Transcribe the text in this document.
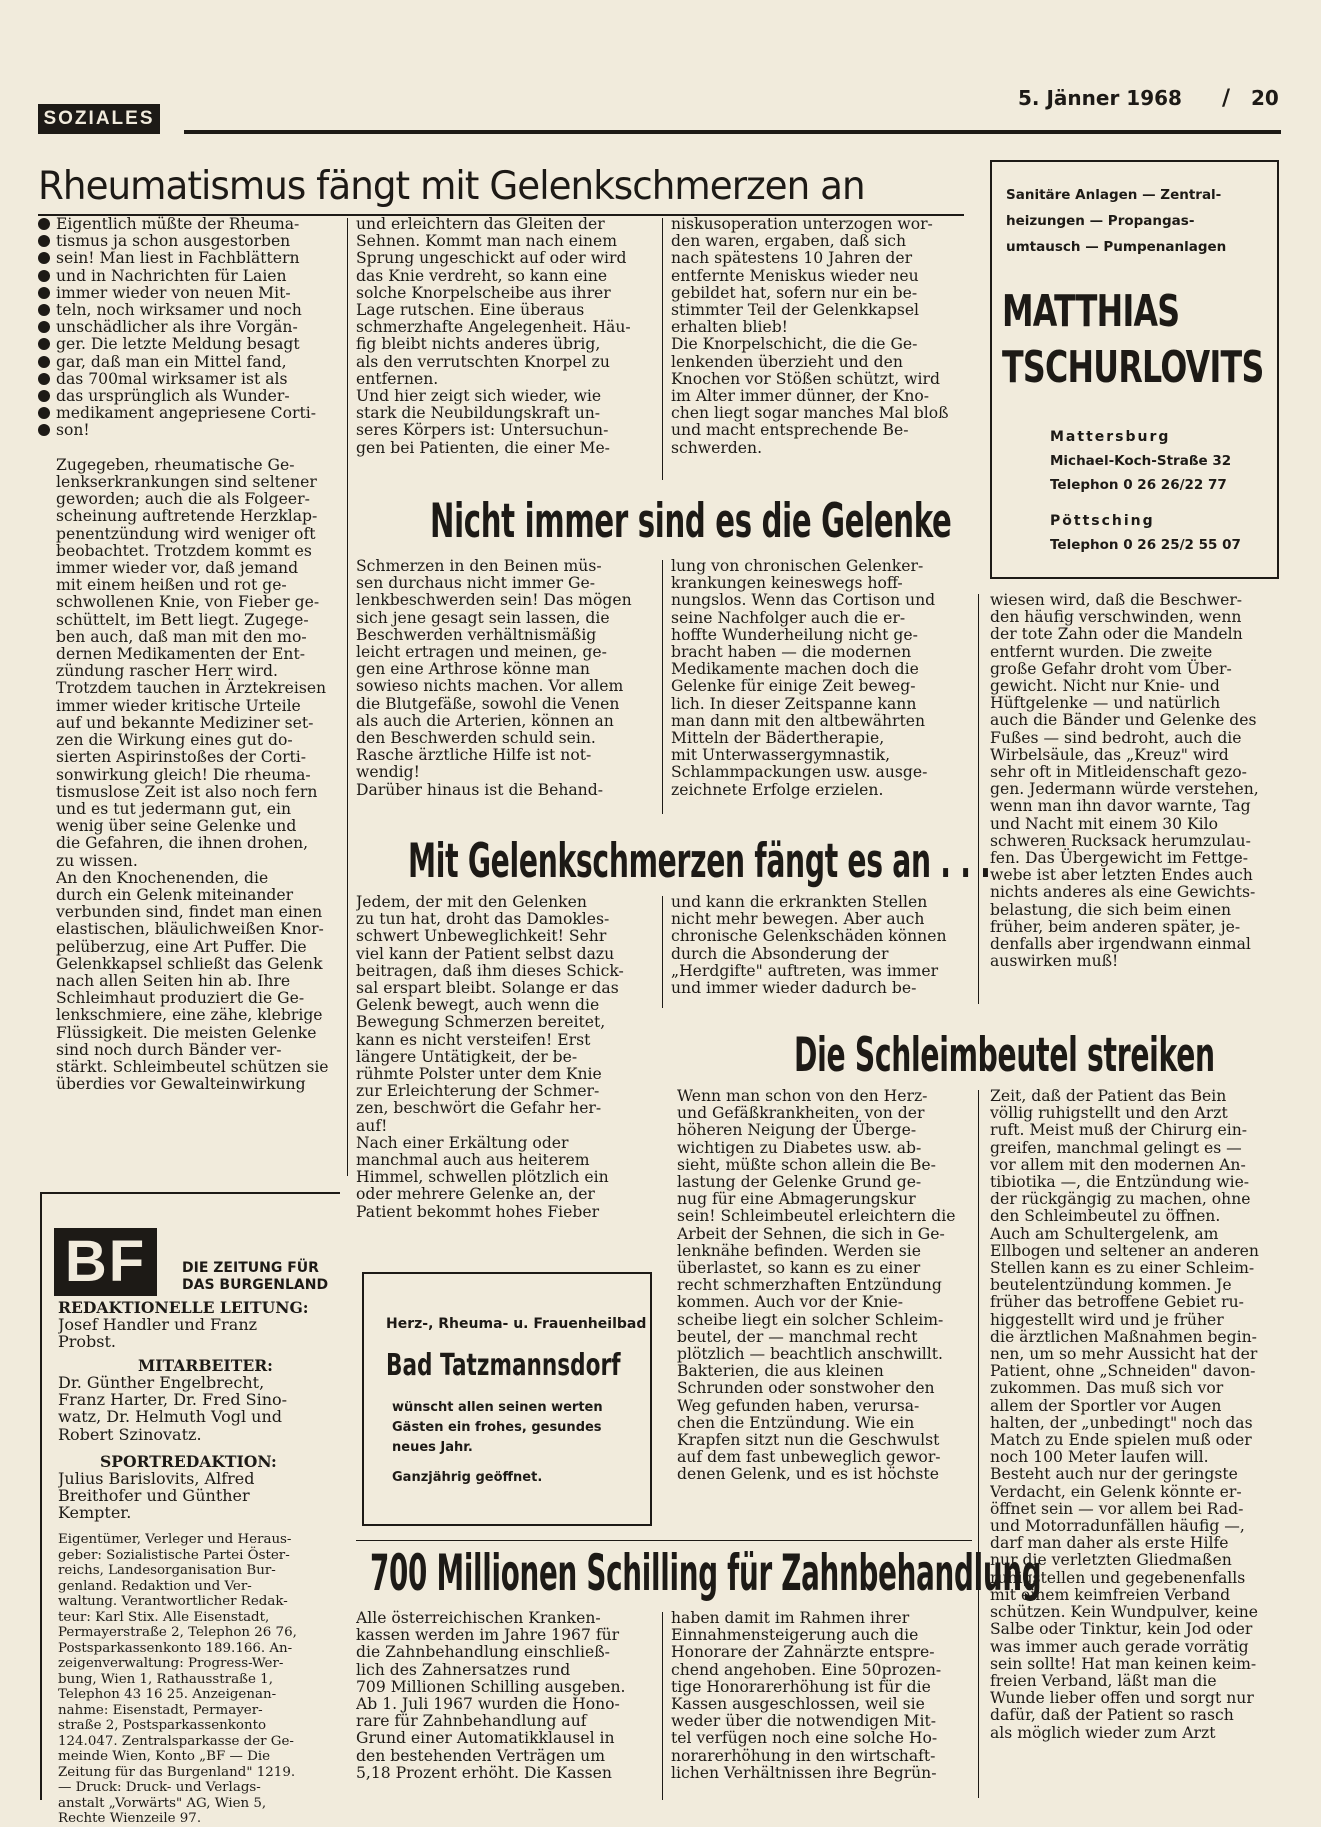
SOZIALES
5. Jänner 1968 / 20
Rheumatismus fängt mit Gelenkschmerzen an
Eigentlich müßte der Rheuma-
tismus ja schon ausgestorben
sein! Man liest in Fachblättern
und in Nachrichten für Laien
immer wieder von neuen Mit-
teln, noch wirksamer und noch
unschädlicher als ihre Vorgän-
ger. Die letzte Meldung besagt
gar, daß man ein Mittel fand,
das 700mal wirksamer ist als
das ursprünglich als Wunder-
medikament angepriesene Corti-
son!

Zugegeben, rheumatische Ge-
lenkserkrankungen sind seltener
geworden; auch die als Folgeer-
scheinung auftretende Herzklap-
penentzündung wird weniger oft
beobachtet. Trotzdem kommt es
immer wieder vor, daß jemand
mit einem heißen und rot ge-
schwollenen Knie, von Fieber ge-
schüttelt, im Bett liegt. Zugege-
ben auch, daß man mit den mo-
dernen Medikamenten der Ent-
zündung rascher Herr wird.
Trotzdem tauchen in Ärztekreisen
immer wieder kritische Urteile
auf und bekannte Mediziner set-
zen die Wirkung eines gut do-
sierten Aspirinstoßes der Corti-
sonwirkung gleich! Die rheuma-
tismuslose Zeit ist also noch fern
und es tut jedermann gut, ein
wenig über seine Gelenke und
die Gefahren, die ihnen drohen,
zu wissen.
An den Knochenenden, die
durch ein Gelenk miteinander
verbunden sind, findet man einen
elastischen, bläulichweißen Knor-
pelüberzug, eine Art Puffer. Die
Gelenkkapsel schließt das Gelenk
nach allen Seiten hin ab. Ihre
Schleimhaut produziert die Ge-
lenkschmiere, eine zähe, klebrige
Flüssigkeit. Die meisten Gelenke
sind noch durch Bänder ver-
stärkt. Schleimbeutel schützen sie
überdies vor Gewalteinwirkung
und erleichtern das Gleiten der
Sehnen. Kommt man nach einem
Sprung ungeschickt auf oder wird
das Knie verdreht, so kann eine
solche Knorpelscheibe aus ihrer
Lage rutschen. Eine überaus
schmerzhafte Angelegenheit. Häu-
fig bleibt nichts anderes übrig,
als den verrutschten Knorpel zu
entfernen.
Und hier zeigt sich wieder, wie
stark die Neubildungskraft un-
seres Körpers ist: Untersuchun-
gen bei Patienten, die einer Me-
niskusoperation unterzogen wor-
den waren, ergaben, daß sich
nach spätestens 10 Jahren der
entfernte Meniskus wieder neu
gebildet hat, sofern nur ein be-
stimmter Teil der Gelenkkapsel
erhalten blieb!
Die Knorpelschicht, die die Ge-
lenkenden überzieht und den
Knochen vor Stößen schützt, wird
im Alter immer dünner, der Kno-
chen liegt sogar manches Mal bloß
und macht entsprechende Be-
schwerden.
Sanitäre Anlagen — Zentral-
heizungen — Propangas-
umtausch — Pumpenanlagen
MATTHIAS
TSCHURLOVITS
Mattersburg
Michael-Koch-Straße 32
Telephon 0 26 26/22 77
Pöttsching
Telephon 0 26 25/2 55 07
Nicht immer sind es die Gelenke
Schmerzen in den Beinen müs-
sen durchaus nicht immer Ge-
lenkbeschwerden sein! Das mögen
sich jene gesagt sein lassen, die
Beschwerden verhältnismäßig
leicht ertragen und meinen, ge-
gen eine Arthrose könne man
sowieso nichts machen. Vor allem
die Blutgefäße, sowohl die Venen
als auch die Arterien, können an
den Beschwerden schuld sein.
Rasche ärztliche Hilfe ist not-
wendig!
Darüber hinaus ist die Behand-
lung von chronischen Gelenker-
krankungen keineswegs hoff-
nungslos. Wenn das Cortison und
seine Nachfolger auch die er-
hoffte Wunderheilung nicht ge-
bracht haben — die modernen
Medikamente machen doch die
Gelenke für einige Zeit beweg-
lich. In dieser Zeitspanne kann
man dann mit den altbewährten
Mitteln der Bädertherapie,
mit Unterwassergymnastik,
Schlammpackungen usw. ausge-
zeichnete Erfolge erzielen.
wiesen wird, daß die Beschwer-
den häufig verschwinden, wenn
der tote Zahn oder die Mandeln
entfernt wurden. Die zweite
große Gefahr droht vom Über-
gewicht. Nicht nur Knie- und
Hüftgelenke — und natürlich
auch die Bänder und Gelenke des
Fußes — sind bedroht, auch die
Wirbelsäule, das „Kreuz" wird
sehr oft in Mitleidenschaft gezo-
gen. Jedermann würde verstehen,
wenn man ihn davor warnte, Tag
und Nacht mit einem 30 Kilo
schweren Rucksack herumzulau-
fen. Das Übergewicht im Fettge-
webe ist aber letzten Endes auch
nichts anderes als eine Gewichts-
belastung, die sich beim einen
früher, beim anderen später, je-
denfalls aber irgendwann einmal
auswirken muß!
Mit Gelenkschmerzen fängt es an . . .
Jedem, der mit den Gelenken
zu tun hat, droht das Damokles-
schwert Unbeweglichkeit! Sehr
viel kann der Patient selbst dazu
beitragen, daß ihm dieses Schick-
sal erspart bleibt. Solange er das
Gelenk bewegt, auch wenn die
Bewegung Schmerzen bereitet,
kann es nicht versteifen! Erst
längere Untätigkeit, der be-
rühmte Polster unter dem Knie
zur Erleichterung der Schmer-
zen, beschwört die Gefahr her-
auf!
Nach einer Erkältung oder
manchmal auch aus heiterem
Himmel, schwellen plötzlich ein
oder mehrere Gelenke an, der
Patient bekommt hohes Fieber
und kann die erkrankten Stellen
nicht mehr bewegen. Aber auch
chronische Gelenkschäden können
durch die Absonderung der
„Herdgifte" auftreten, was immer
und immer wieder dadurch be-
Die Schleimbeutel streiken
Wenn man schon von den Herz-
und Gefäßkrankheiten, von der
höheren Neigung der Überge-
wichtigen zu Diabetes usw. ab-
sieht, müßte schon allein die Be-
lastung der Gelenke Grund ge-
nug für eine Abmagerungskur
sein! Schleimbeutel erleichtern die
Arbeit der Sehnen, die sich in Ge-
lenknähe befinden. Werden sie
überlastet, so kann es zu einer
recht schmerzhaften Entzündung
kommen. Auch vor der Knie-
scheibe liegt ein solcher Schleim-
beutel, der — manchmal recht
plötzlich — beachtlich anschwillt.
Bakterien, die aus kleinen
Schrunden oder sonstwoher den
Weg gefunden haben, verursa-
chen die Entzündung. Wie ein
Krapfen sitzt nun die Geschwulst
auf dem fast unbeweglich gewor-
denen Gelenk, und es ist höchste
Zeit, daß der Patient das Bein
völlig ruhigstellt und den Arzt
ruft. Meist muß der Chirurg ein-
greifen, manchmal gelingt es —
vor allem mit den modernen An-
tibiotika —, die Entzündung wie-
der rückgängig zu machen, ohne
den Schleimbeutel zu öffnen.
Auch am Schultergelenk, am
Ellbogen und seltener an anderen
Stellen kann es zu einer Schleim-
beutelentzündung kommen. Je
früher das betroffene Gebiet ru-
higgestellt wird und je früher
die ärztlichen Maßnahmen begin-
nen, um so mehr Aussicht hat der
Patient, ohne „Schneiden" davon-
zukommen. Das muß sich vor
allem der Sportler vor Augen
halten, der „unbedingt" noch das
Match zu Ende spielen muß oder
noch 100 Meter laufen will.
Besteht auch nur der geringste
Verdacht, ein Gelenk könnte er-
öffnet sein — vor allem bei Rad-
und Motorradunfällen häufig —,
darf man daher als erste Hilfe
nur die verletzten Gliedmaßen
ruhigstellen und gegebenenfalls
mit einem keimfreien Verband
schützen. Kein Wundpulver, keine
Salbe oder Tinktur, kein Jod oder
was immer auch gerade vorrätig
sein sollte! Hat man keinen keim-
freien Verband, läßt man die
Wunde lieber offen und sorgt nur
dafür, daß der Patient so rasch
als möglich wieder zum Arzt
Herz-, Rheuma- u. Frauenheilbad
Bad Tatzmannsdorf
wünscht allen seinen werten
Gästen ein frohes, gesundes
neues Jahr.
Ganzjährig geöffnet.
700 Millionen Schilling für Zahnbehandlung
Alle österreichischen Kranken-
kassen werden im Jahre 1967 für
die Zahnbehandlung einschließ-
lich des Zahnersatzes rund
709 Millionen Schilling ausgeben.
Ab 1. Juli 1967 wurden die Hono-
rare für Zahnbehandlung auf
Grund einer Automatikklausel in
den bestehenden Verträgen um
5,18 Prozent erhöht. Die Kassen
haben damit im Rahmen ihrer
Einnahmensteigerung auch die
Honorare der Zahnärzte entspre-
chend angehoben. Eine 50prozen-
tige Honorarerhöhung ist für die
Kassen ausgeschlossen, weil sie
weder über die notwendigen Mit-
tel verfügen noch eine solche Ho-
norarerhöhung in den wirtschaft-
lichen Verhältnissen ihre Begrün-
BF	DIE ZEITUNG FÜR
DAS BURGENLAND
REDAKTIONELLE LEITUNG:
Josef Handler und Franz
Probst.
MITARBEITER:
Dr. Günther Engelbrecht,
Franz Harter, Dr. Fred Sino-
watz, Dr. Helmuth Vogl und
Robert Szinovatz.
SPORTREDAKTION:
Julius Barislovits, Alfred
Breithofer und Günther
Kempter.
Eigentümer, Verleger und Heraus-
geber: Sozialistische Partei Öster-
reichs, Landesorganisation Bur-
genland. Redaktion und Ver-
waltung. Verantwortlicher Redak-
teur: Karl Stix. Alle Eisenstadt,
Permayerstraße 2, Telephon 26 76,
Postsparkassenkonto 189.166. An-
zeigenverwaltung: Progress-Wer-
bung, Wien 1, Rathausstraße 1,
Telephon 43 16 25. Anzeigenan-
nahme: Eisenstadt, Permayer-
straße 2, Postsparkassenkonto
124.047. Zentralsparkasse der Ge-
meinde Wien, Konto „BF — Die
Zeitung für das Burgenland" 1219.
— Druck: Druck- und Verlags-
anstalt „Vorwärts" AG, Wien 5,
Rechte Wienzeile 97.
